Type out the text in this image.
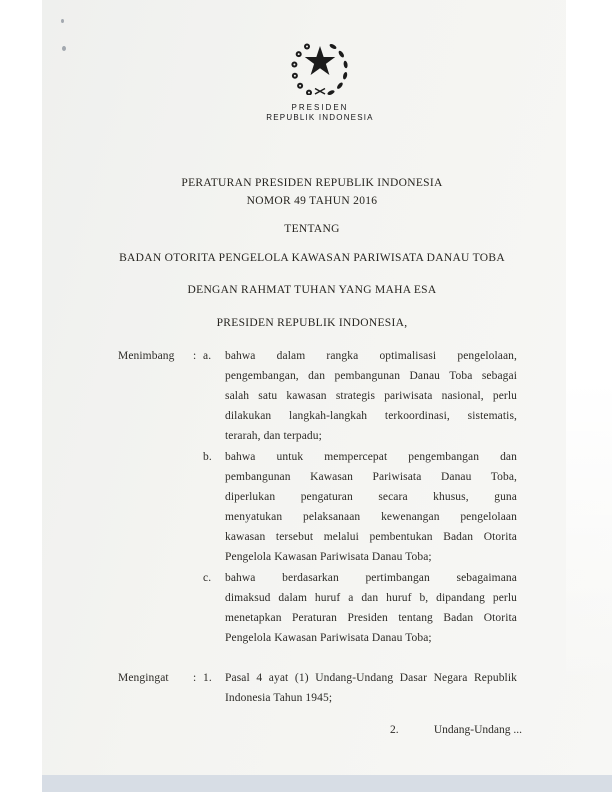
PRESIDEN
REPUBLIK INDONESIA
PERATURAN PRESIDEN REPUBLIK INDONESIA
NOMOR 49 TAHUN 2016
TENTANG
BADAN OTORITA PENGELOLA KAWASAN PARIWISATA DANAU TOBA
DENGAN RAHMAT TUHAN YANG MAHA ESA
PRESIDEN REPUBLIK INDONESIA,
Menimbang : a. bahwa dalam rangka optimalisasi pengelolaan,
pengembangan, dan pembangunan Danau Toba sebagai
salah satu kawasan strategis pariwisata nasional, perlu
dilakukan langkah-langkah terkoordinasi, sistematis,
terarah, dan terpadu;
b. bahwa untuk mempercepat pengembangan dan
pembangunan Kawasan Pariwisata Danau Toba,
diperlukan pengaturan secara khusus, guna
menyatukan pelaksanaan kewenangan pengelolaan
kawasan tersebut melalui pembentukan Badan Otorita
Pengelola Kawasan Pariwisata Danau Toba;
c. bahwa berdasarkan pertimbangan sebagaimana
dimaksud dalam huruf a dan huruf b, dipandang perlu
menetapkan Peraturan Presiden tentang Badan Otorita
Pengelola Kawasan Pariwisata Danau Toba;
Mengingat : 1. Pasal 4 ayat (1) Undang-Undang Dasar Negara Republik
Indonesia Tahun 1945;
2.	Undang-Undang ...
